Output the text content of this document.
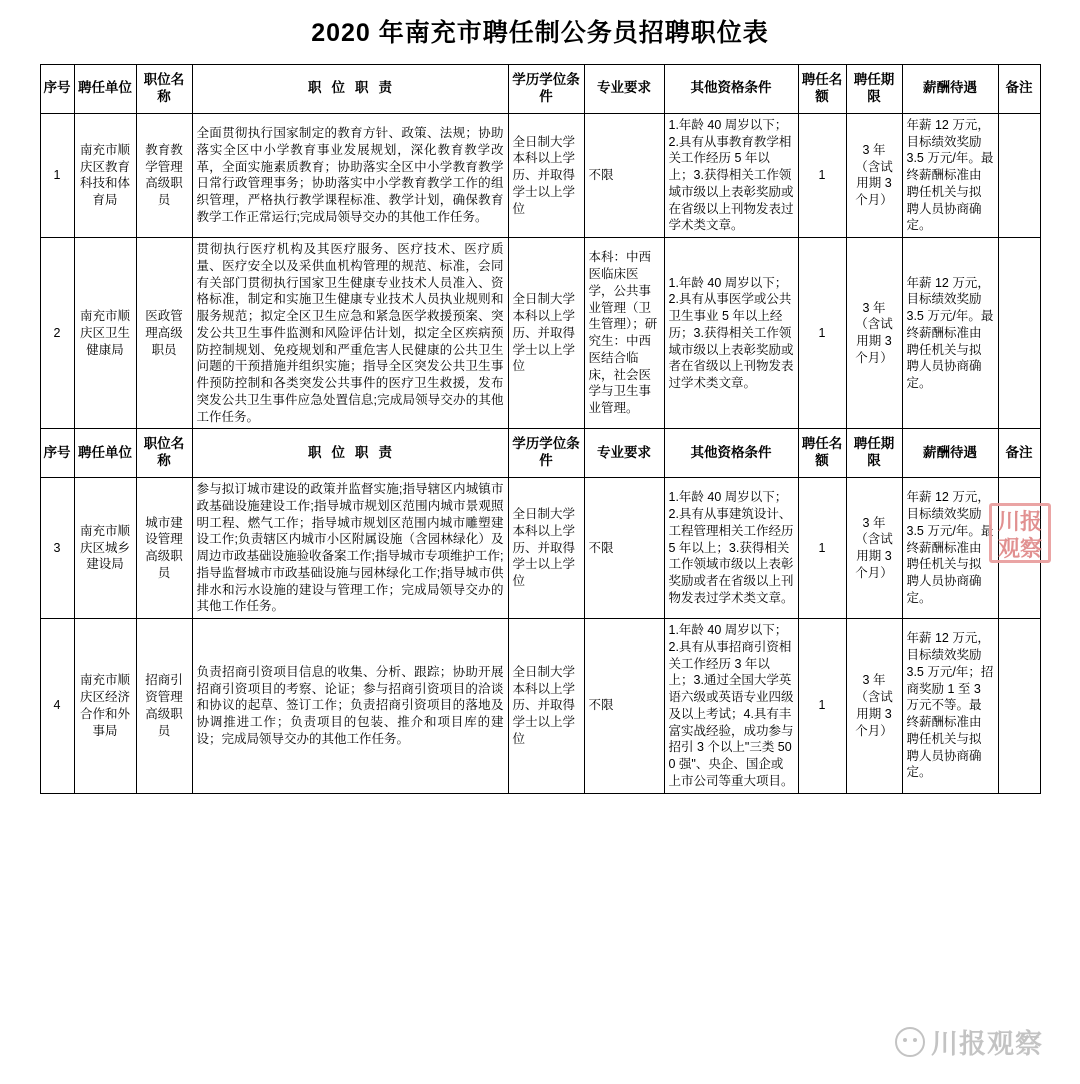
2020 年南充市聘任制公务员招聘职位表
序号	聘任单位	职位名称	职位职责	学历学位条件	专业要求	其他资格条件	聘任名额	聘任期限	薪酬待遇	备注
1	南充市顺庆区教育科技和体育局	教育教学管理高级职员	全面贯彻执行国家制定的教育方针、政策、法规；协助落实全区中小学教育事业发展规划，深化教育教学改革，全面实施素质教育；协助落实全区中小学教育教学日常行政管理事务；协助落实中小学教育教学工作的组织管理，严格执行教学课程标准、教学计划，确保教育教学工作正常运行;完成局领导交办的其他工作任务。	全日制大学本科以上学历、并取得学士以上学位	不限	1.年龄 40 周岁以下；2.具有从事教育教学相关工作经历 5 年以上；3.获得相关工作领域市级以上表彰奖励或在省级以上刊物发表过学术类文章。	1	3 年（含试用期 3 个月）	年薪 12 万元，目标绩效奖励 3.5 万元/年。最终薪酬标准由聘任机关与拟聘人员协商确定。	
2	南充市顺庆区卫生健康局	医政管理高级职员	贯彻执行医疗机构及其医疗服务、医疗技术、医疗质量、医疗安全以及采供血机构管理的规范、标准，会同有关部门贯彻执行国家卫生健康专业技术人员准入、资格标准，制定和实施卫生健康专业技术人员执业规则和服务规范；拟定全区卫生应急和紧急医学救援预案、突发公共卫生事件监测和风险评估计划，拟定全区疾病预防控制规划、免疫规划和严重危害人民健康的公共卫生问题的干预措施并组织实施；指导全区突发公共卫生事件预防控制和各类突发公共事件的医疗卫生救援，发布突发公共卫生事件应急处置信息;完成局领导交办的其他工作任务。	全日制大学本科以上学历、并取得学士以上学位	本科：中西医临床医学，公共事业管理（卫生管理）；研究生：中西医结合临床，社会医学与卫生事业管理。	1.年龄 40 周岁以下；2.具有从事医学或公共卫生事业 5 年以上经历；3.获得相关工作领域市级以上表彰奖励或者在省级以上刊物发表过学术类文章。	1	3 年（含试用期 3 个月）	年薪 12 万元，目标绩效奖励 3.5 万元/年。最终薪酬标准由聘任机关与拟聘人员协商确定。	
序号	聘任单位	职位名称	职位职责	学历学位条件	专业要求	其他资格条件	聘任名额	聘任期限	薪酬待遇	备注
3	南充市顺庆区城乡建设局	城市建设管理高级职员	参与拟订城市建设的政策并监督实施;指导辖区内城镇市政基础设施建设工作;指导城市规划区范围内城市景观照明工程、燃气工作；指导城市规划区范围内城市雕塑建设工作;负责辖区内城市小区附属设施（含园林绿化）及周边市政基础设施验收备案工作;指导城市专项维护工作;指导监督城市市政基础设施与园林绿化工作;指导城市供排水和污水设施的建设与管理工作；完成局领导交办的其他工作任务。	全日制大学本科以上学历、并取得学士以上学位	不限	1.年龄 40 周岁以下；2.具有从事建筑设计、工程管理相关工作经历 5 年以上；3.获得相关工作领域市级以上表彰奖励或者在省级以上刊物发表过学术类文章。	1	3 年（含试用期 3 个月）	年薪 12 万元，目标绩效奖励 3.5 万元/年。最终薪酬标准由聘任机关与拟聘人员协商确定。	
4	南充市顺庆区经济合作和外事局	招商引资管理高级职员	负责招商引资项目信息的收集、分析、跟踪；协助开展招商引资项目的考察、论证；参与招商引资项目的洽谈和协议的起草、签订工作；负责招商引资项目的落地及协调推进工作；负责项目的包装、推介和项目库的建设；完成局领导交办的其他工作任务。	全日制大学本科以上学历、并取得学士以上学位	不限	1.年龄 40 周岁以下；2.具有从事招商引资相关工作经历 3 年以上；3.通过全国大学英语六级或英语专业四级及以上考试；4.具有丰富实战经验，成功参与招引 3 个以上"三类 500 强"、央企、国企或上市公司等重大项目。	1	3 年（含试用期 3 个月）	年薪 12 万元，目标绩效奖励 3.5 万元/年；招商奖励 1 至 3 万元不等。最终薪酬标准由聘任机关与拟聘人员协商确定。	
川报
观察
川报观察
